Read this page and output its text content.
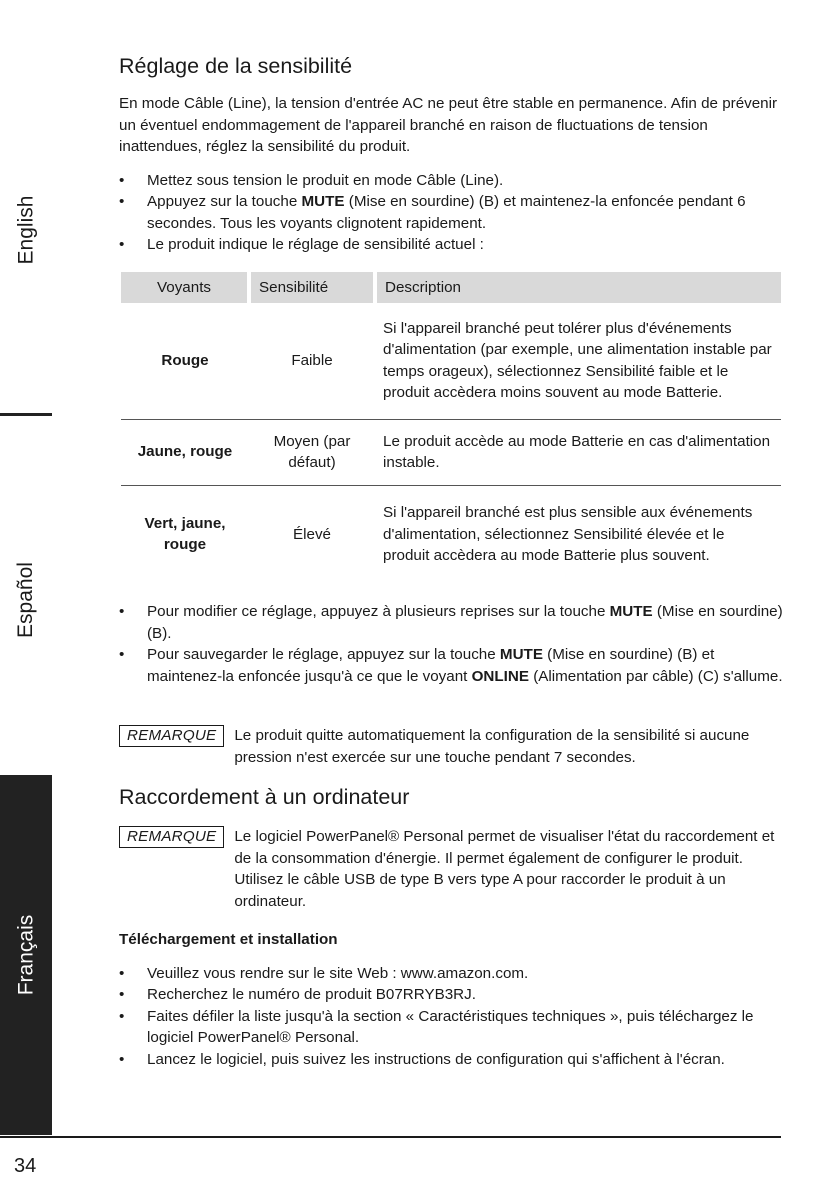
English
Español
Français
Réglage de la sensibilité

En mode Câble (Line), la tension d'entrée AC ne peut être stable en permanence. Afin de prévenir un éventuel endommagement de l'appareil branché en raison de fluctuations de tension inattendues, réglez la sensibilité du produit.

• Mettez sous tension le produit en mode Câble (Line).
• Appuyez sur la touche MUTE (Mise en sourdine) (B) et maintenez-la enfoncée pendant 6 secondes. Tous les voyants clignotent rapidement.
• Le produit indique le réglage de sensibilité actuel :
Voyants	Sensibilité	Description
Rouge	Faible	Si l'appareil branché peut tolérer plus d'événements d'alimentation (par exemple, une alimentation instable par temps orageux), sélectionnez Sensibilité faible et le produit accèdera moins souvent au mode Batterie.
Jaune, rouge	Moyen (par défaut)	Le produit accède au mode Batterie en cas d'alimentation instable.
Vert, jaune, rouge	Élevé	Si l'appareil branché est plus sensible aux événements d'alimentation, sélectionnez Sensibilité élevée et le produit accèdera au mode Batterie plus souvent.
• Pour modifier ce réglage, appuyez à plusieurs reprises sur la touche MUTE (Mise en sourdine) (B).
• Pour sauvegarder le réglage, appuyez sur la touche MUTE (Mise en sourdine) (B) et maintenez-la enfoncée jusqu'à ce que le voyant ONLINE (Alimentation par câble) (C) s'allume.
REMARQUE	Le produit quitte automatiquement la configuration de la sensibilité si aucune pression n'est exercée sur une touche pendant 7 secondes.
Raccordement à un ordinateur
REMARQUE	Le logiciel PowerPanel® Personal permet de visualiser l'état du raccordement et de la consommation d'énergie. Il permet également de configurer le produit. Utilisez le câble USB de type B vers type A pour raccorder le produit à un ordinateur.

Téléchargement et installation

• Veuillez vous rendre sur le site Web : www.amazon.com.
• Recherchez le numéro de produit B07RRYB3RJ.
• Faites défiler la liste jusqu'à la section « Caractéristiques techniques », puis téléchargez le logiciel PowerPanel® Personal.
• Lancez le logiciel, puis suivez les instructions de configuration qui s'affichent à l'écran.
34
